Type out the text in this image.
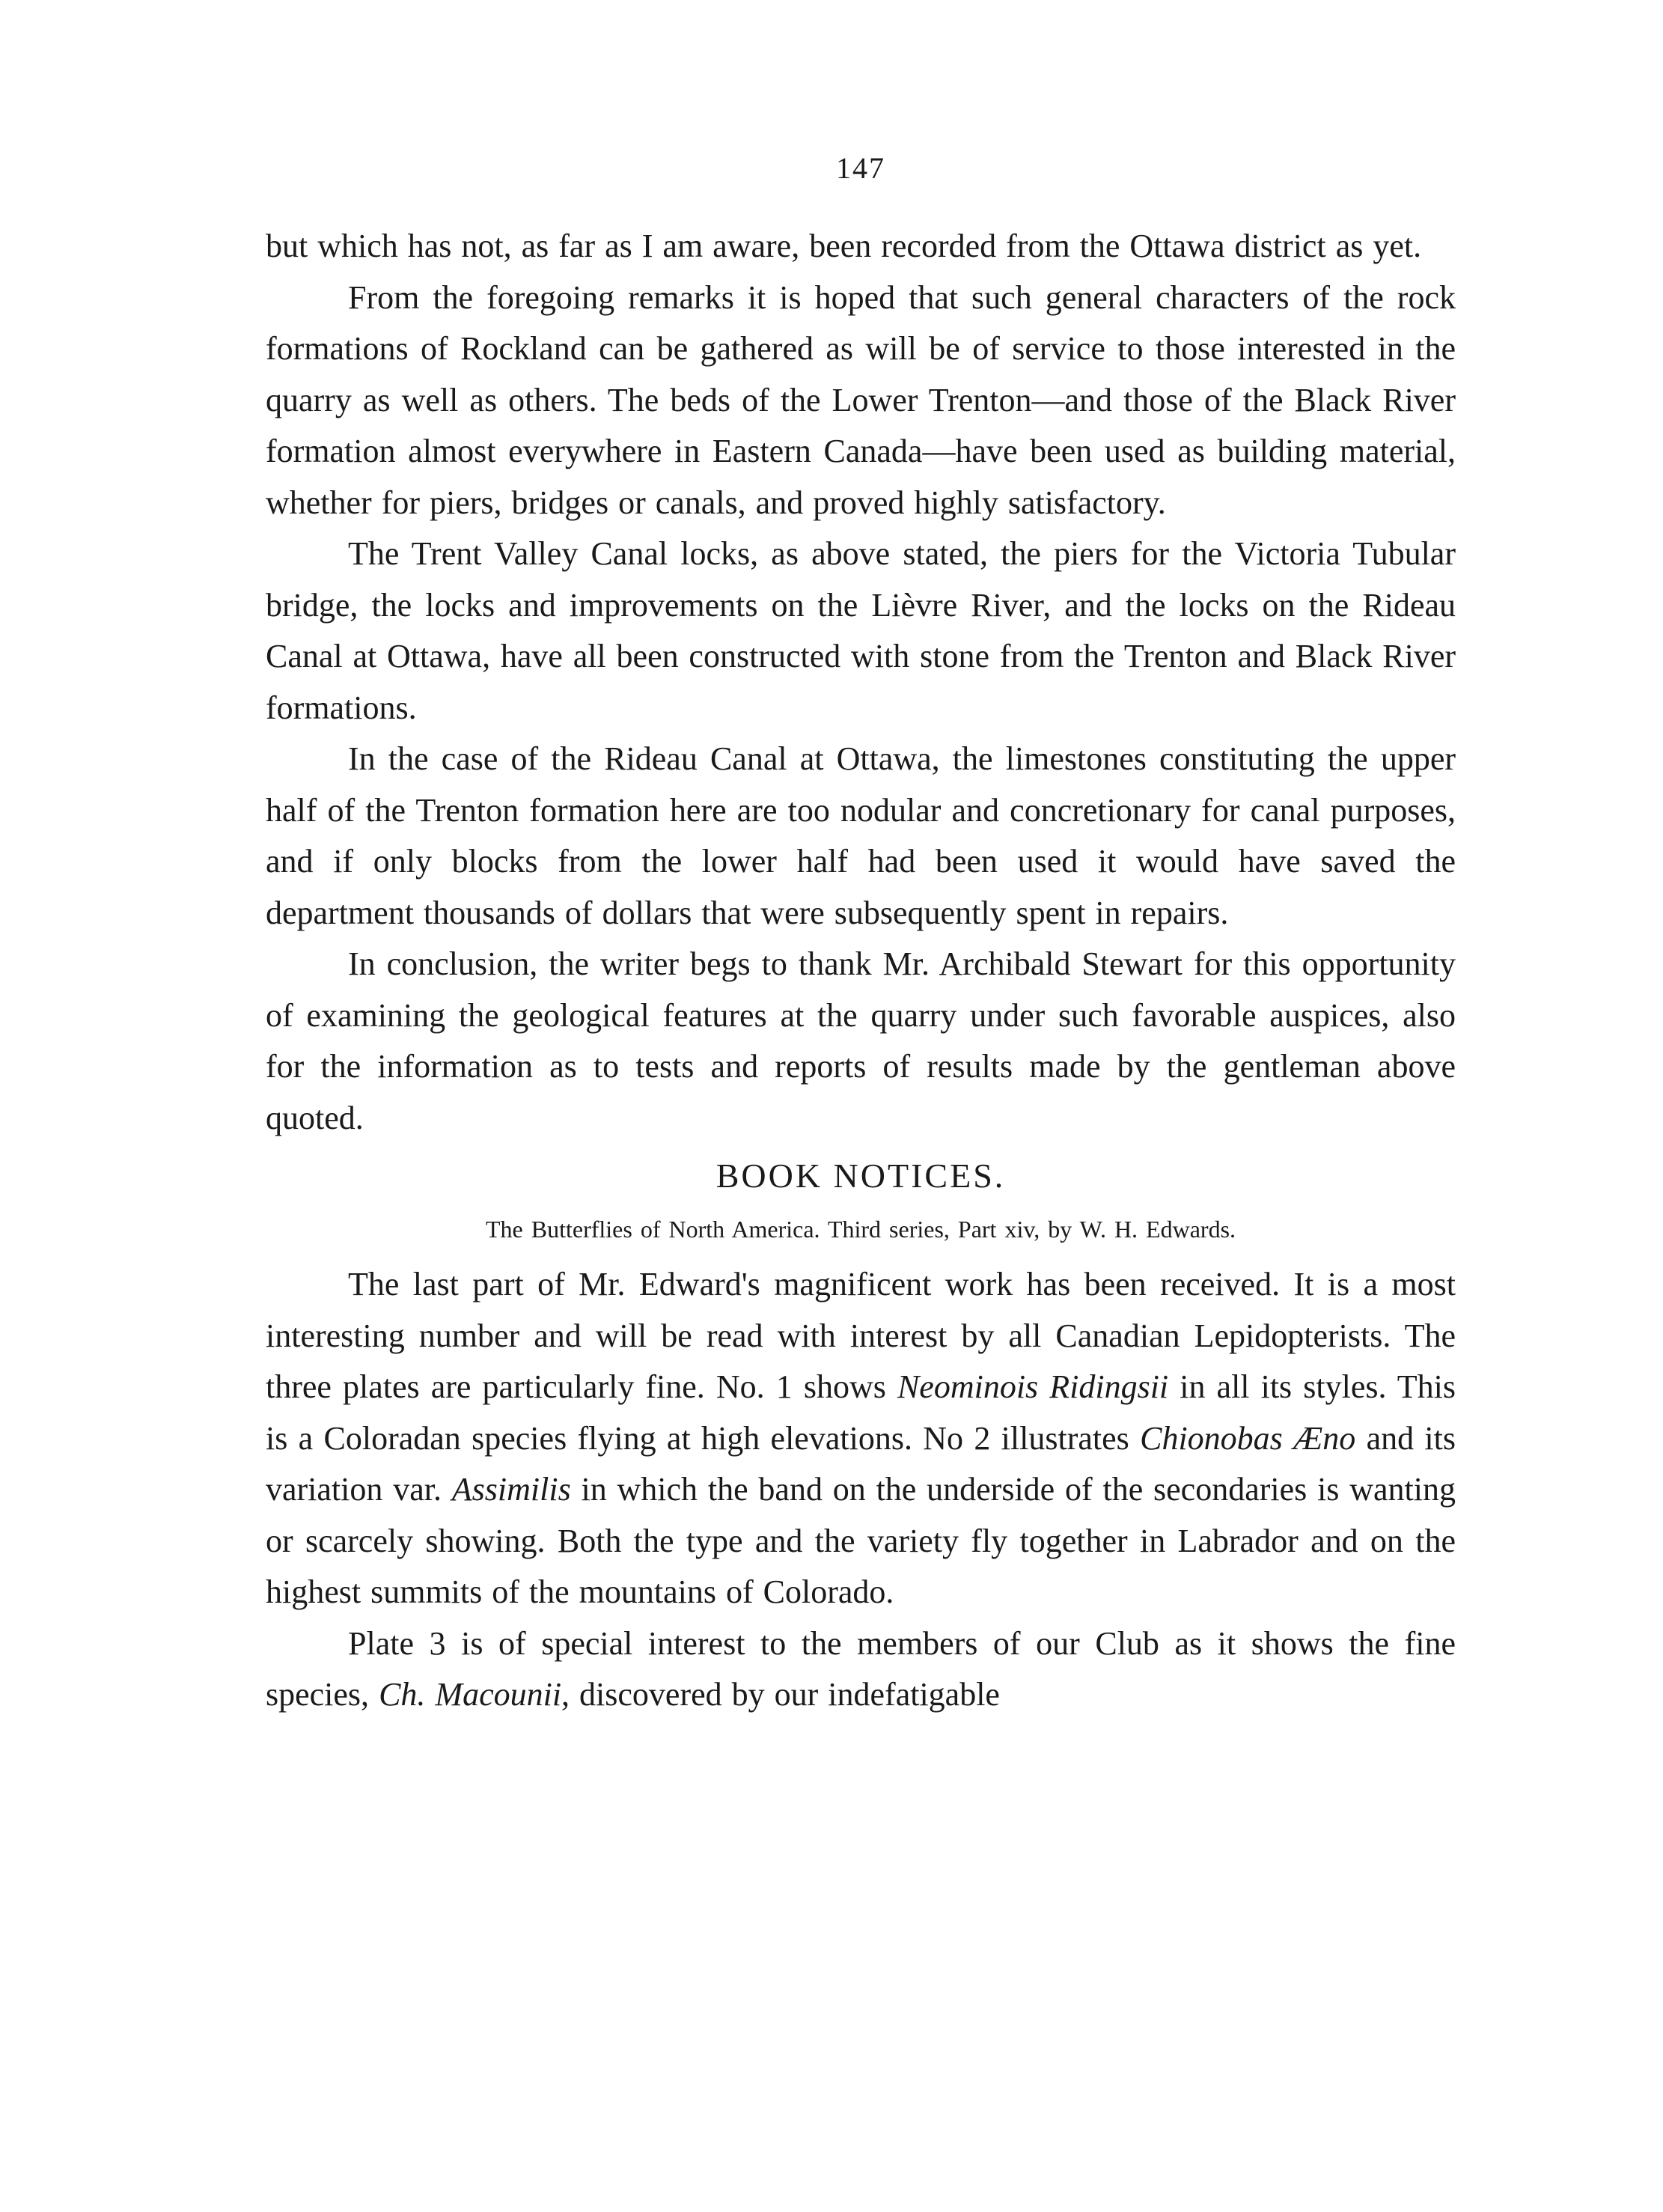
147

but which has not, as far as I am aware, been recorded from the Ottawa district as yet.

From the foregoing remarks it is hoped that such general characters of the rock formations of Rockland can be gathered as will be of service to those interested in the quarry as well as others. The beds of the Lower Trenton—and those of the Black River formation almost everywhere in Eastern Canada—have been used as building material, whether for piers, bridges or canals, and proved highly satisfactory.

The Trent Valley Canal locks, as above stated, the piers for the Victoria Tubular bridge, the locks and improvements on the Lièvre River, and the locks on the Rideau Canal at Ottawa, have all been constructed with stone from the Trenton and Black River formations.

In the case of the Rideau Canal at Ottawa, the limestones constituting the upper half of the Trenton formation here are too nodular and concretionary for canal purposes, and if only blocks from the lower half had been used it would have saved the department thousands of dollars that were subsequently spent in repairs.

In conclusion, the writer begs to thank Mr. Archibald Stewart for this opportunity of examining the geological features at the quarry under such favorable auspices, also for the information as to tests and reports of results made by the gentleman above quoted.

BOOK NOTICES.
The Butterflies of North America. Third series, Part xiv, by W. H. Edwards.

The last part of Mr. Edward's magnificent work has been received. It is a most interesting number and will be read with interest by all Canadian Lepidopterists. The three plates are particularly fine. No. 1 shows Neominois Ridingsii in all its styles. This is a Coloradan species flying at high elevations. No 2 illustrates Chionobas Æno and its variation var. Assimilis in which the band on the underside of the secondaries is wanting or scarcely showing. Both the type and the variety fly together in Labrador and on the highest summits of the mountains of Colorado.

Plate 3 is of special interest to the members of our Club as it shows the fine species, Ch. Macounii, discovered by our indefatigable
